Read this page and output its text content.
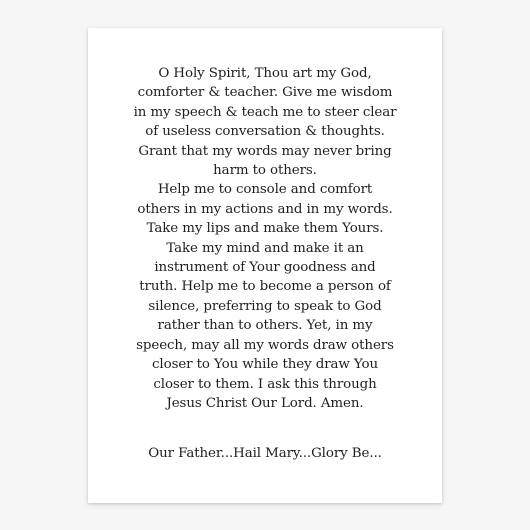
O Holy Spirit, Thou art my God,
comforter & teacher. Give me wisdom
in my speech & teach me to steer clear
of useless conversation & thoughts.
Grant that my words may never bring
harm to others.
Help me to console and comfort
others in my actions and in my words.
Take my lips and make them Yours.
Take my mind and make it an
instrument of Your goodness and
truth. Help me to become a person of
silence, preferring to speak to God
rather than to others. Yet, in my
speech, may all my words draw others
closer to You while they draw You
closer to them. I ask this through
Jesus Christ Our Lord. Amen.

Our Father...Hail Mary...Glory Be...
